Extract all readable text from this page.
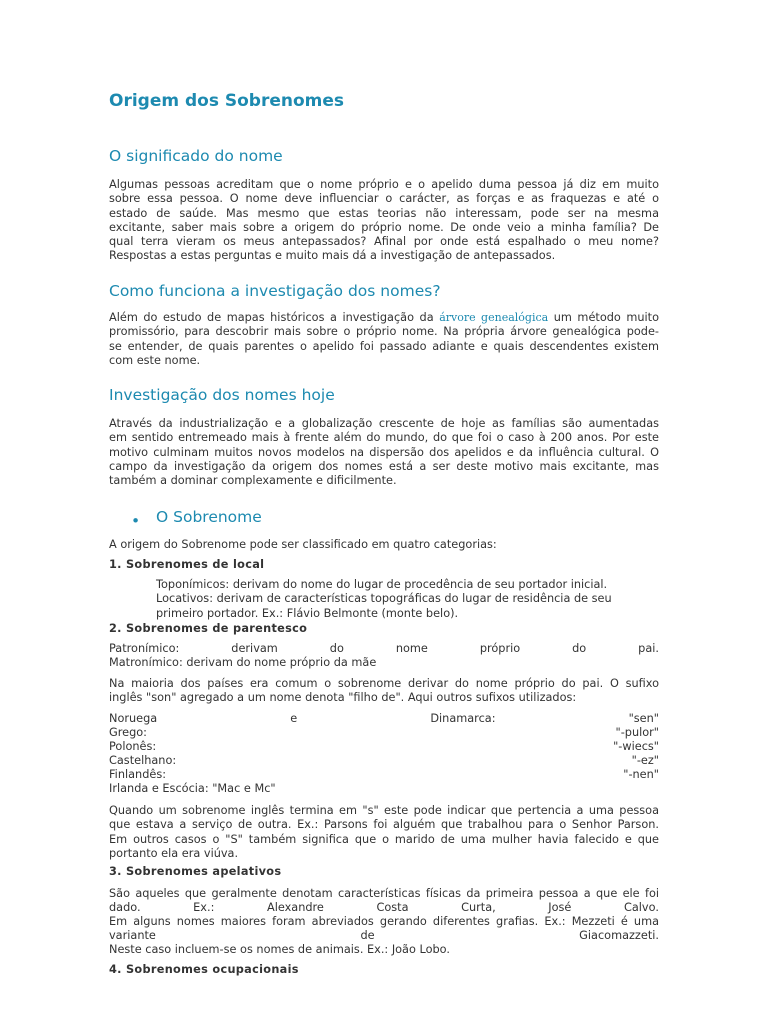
Origem dos Sobrenomes
O significado do nome
Algumas pessoas acreditam que o nome próprio e o apelido duma pessoa já diz em muito
sobre essa pessoa. O nome deve influenciar o carácter, as forças e as fraquezas e até o
estado de saúde. Mas mesmo que estas teorias não interessam, pode ser na mesma
excitante, saber mais sobre a origem do próprio nome. De onde veio a minha família? De
qual terra vieram os meus antepassados? Afinal por onde está espalhado o meu nome?
Respostas a estas perguntas e muito mais dá a investigação de antepassados.
Como funciona a investigação dos nomes?
Além do estudo de mapas históricos a investigação da árvore genealógica um método muito
promissório, para descobrir mais sobre o próprio nome. Na própria árvore genealógica pode-
se entender, de quais parentes o apelido foi passado adiante e quais descendentes existem
com este nome.
Investigação dos nomes hoje
Através da industrialização e a globalização crescente de hoje as famílias são aumentadas
em sentido entremeado mais à frente além do mundo, do que foi o caso à 200 anos. Por este
motivo culminam muitos novos modelos na dispersão dos apelidos e da influência cultural. O
campo da investigação da origem dos nomes está a ser deste motivo mais excitante, mas
também a dominar complexamente e dificilmente.
• O Sobrenome
A origem do Sobrenome pode ser classificado em quatro categorias:
1. Sobrenomes de local
Toponímicos: derivam do nome do lugar de procedência de seu portador inicial.
Locativos: derivam de características topográficas do lugar de residência de seu
primeiro portador. Ex.: Flávio Belmonte (monte belo).
2. Sobrenomes de parentesco
Patronímico:	derivam	do	nome	próprio	do	pai.
Matronímico: derivam do nome próprio da mãe
Na maioria dos países era comum o sobrenome derivar do nome próprio do pai. O sufixo
inglês "son" agregado a um nome denota "filho de". Aqui outros sufixos utilizados:
Noruega	e	Dinamarca:	"sen"
Grego:	"-pulor"
Polonês:	"-wiecs"
Castelhano:	"-ez"
Finlandês:	"-nen"
Irlanda e Escócia: "Mac e Mc"
Quando um sobrenome inglês termina em "s" este pode indicar que pertencia a uma pessoa
que estava a serviço de outra. Ex.: Parsons foi alguém que trabalhou para o Senhor Parson.
Em outros casos o "S" também significa que o marido de uma mulher havia falecido e que
portanto ela era viúva.
3. Sobrenomes apelativos
São aqueles que geralmente denotam características físicas da primeira pessoa a que ele foi
dado.	Ex.:	Alexandre	Costa	Curta,	José	Calvo.
Em alguns nomes maiores foram abreviados gerando diferentes grafias. Ex.: Mezzeti é uma
variante	de	Giacomazzeti.
Neste caso incluem-se os nomes de animais. Ex.: João Lobo.
4. Sobrenomes ocupacionais
